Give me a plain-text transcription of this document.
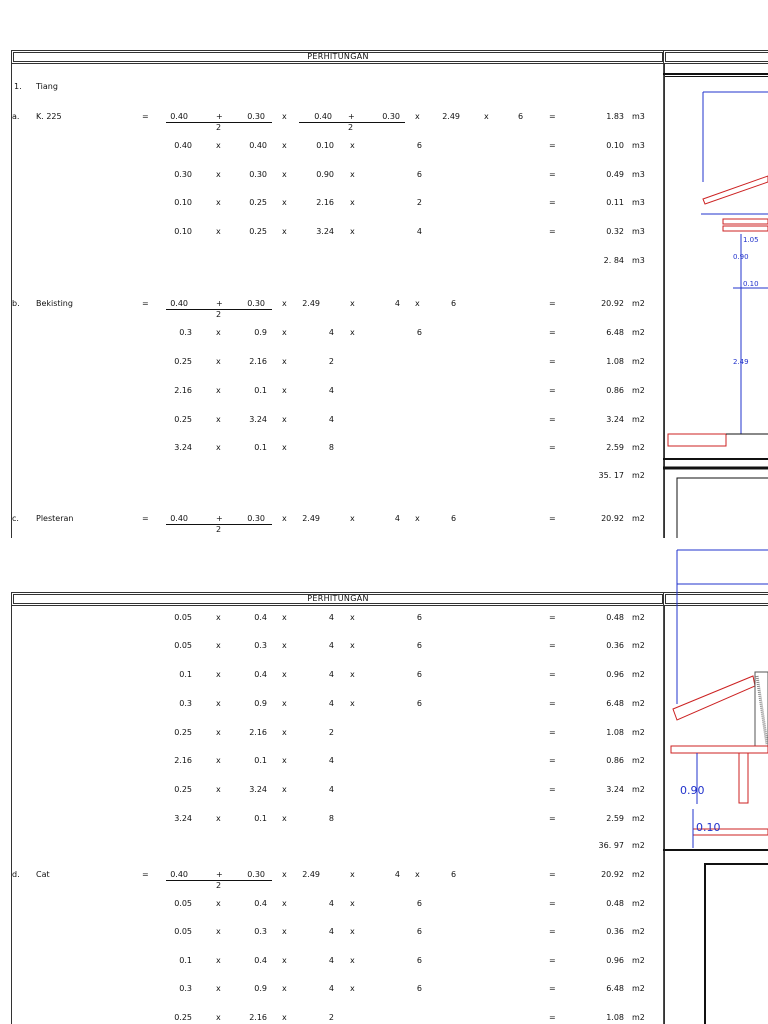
PERHITUNGAN
1. Tiang
a. K. 225	=	0.40	+	0.30
2
x	0.40 +	0.30
2
x	2.49	x	6	=	1.83 m3
0.40	x	0.40 x	0.10 x	6	=	0.10 m3
0.30	x	0.30 x	0.90 x	6	=	0.49 m3
0.10	x	0.25 x	2.16 x	2	=	0.11 m3
0.10	x	0.25 x	3.24 x	4	=	0.32 m3
2. 84 m3
b. Bekisting	=	0.40	+	0.30
2
x 2.49	x	4 x	6	=	20.92 m2
0.3	x	0.9 x	4 x	6	=	6.48 m2
0.25	x	2.16 x	2	=	1.08 m2
2.16	x	0.1 x	4	=	0.86 m2
0.25	x	3.24 x	4	=	3.24 m2
3.24	x	0.1 x	8	=	2.59 m2
35. 17 m2
c. Plesteran	=	0.40	+	0.30
2
x 2.49	x	4 x	6	=	20.92 m2
PERHITUNGAN
0.05	x	0.4 x	4 x	6	=	0.48 m2
0.05	x	0.3 x	4 x	6	=	0.36 m2
0.1	x	0.4 x	4 x	6	=	0.96 m2
0.3	x	0.9 x	4 x	6	=	6.48 m2
0.25	x	2.16 x	2	=	1.08 m2
2.16	x	0.1 x	4	=	0.86 m2
0.25	x	3.24 x	4	=	3.24 m2
3.24	x	0.1 x	8	=	2.59 m2
36. 97 m2
d. Cat	=	0.40	+	0.30
2
x 2.49	x	4 x	6	=	20.92 m2
0.05	x	0.4 x	4 x	6	=	0.48 m2
0.05	x	0.3 x	4 x	6	=	0.36 m2
0.1	x	0.4 x	4 x	6	=	0.96 m2
0.3	x	0.9 x	4 x	6	=	6.48 m2
0.25	x	2.16 x	2	=	1.08 m2
1.05
0.90
0.10
2.49
0.90
0.10
